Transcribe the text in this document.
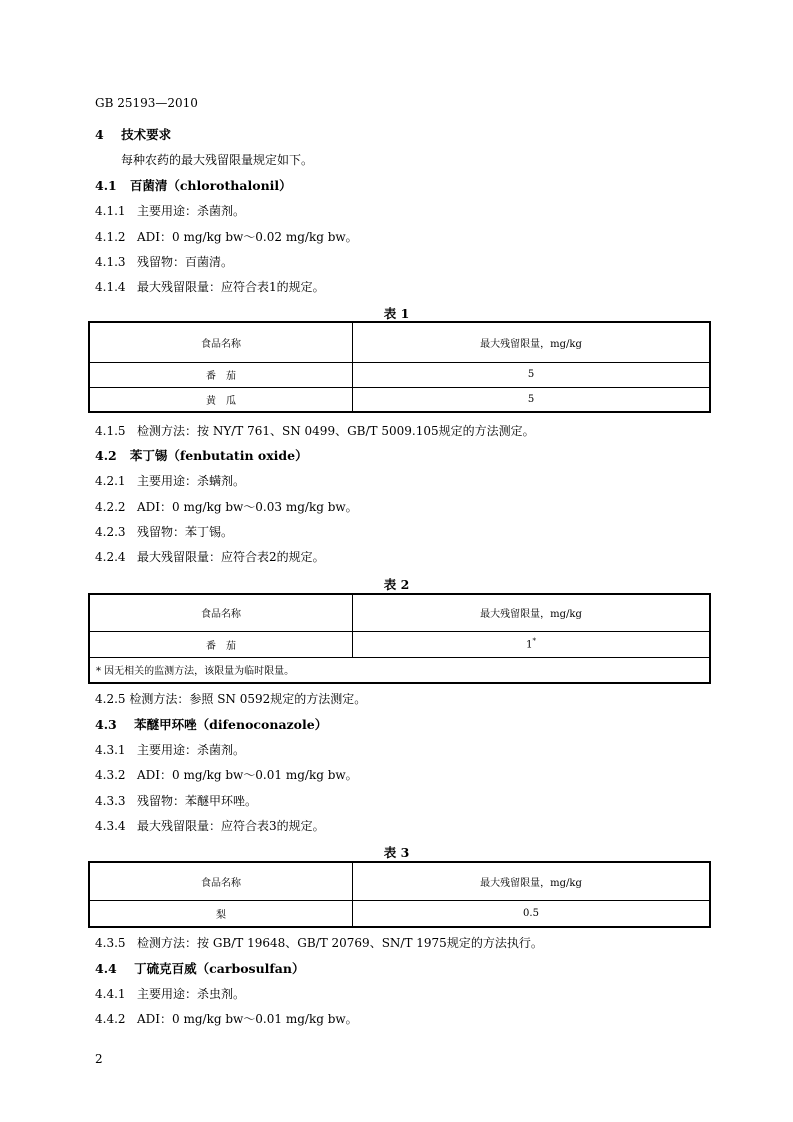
GB 25193—2010
4 技术要求
每种农药的最大残留限量规定如下。
4.1 百菌清（chlorothalonil）
4.1.1 主要用途：杀菌剂。
4.1.2 ADI：0 mg/kg bw～0.02 mg/kg bw。
4.1.3 残留物：百菌清。
4.1.4 最大残留限量：应符合表1的规定。
表 1
食品名称	最大残留限量，mg/kg
番　茄	5
黄　瓜	5
4.1.5 检测方法：按 NY/T 761、SN 0499、GB/T 5009.105规定的方法测定。
4.2 苯丁锡（fenbutatin oxide）
4.2.1 主要用途：杀螨剂。
4.2.2 ADI：0 mg/kg bw～0.03 mg/kg bw。
4.2.3 残留物：苯丁锡。
4.2.4 最大残留限量：应符合表2的规定。
表 2
食品名称	最大残留限量，mg/kg
番　茄	1*
* 因无相关的监测方法，该限量为临时限量。	
4.2.5 检测方法：参照 SN 0592规定的方法测定。
4.3 苯醚甲环唑（difenoconazole）
4.3.1 主要用途：杀菌剂。
4.3.2 ADI：0 mg/kg bw～0.01 mg/kg bw。
4.3.3 残留物：苯醚甲环唑。
4.3.4 最大残留限量：应符合表3的规定。
表 3
食品名称	最大残留限量，mg/kg
梨	0.5
4.3.5 检测方法：按 GB/T 19648、GB/T 20769、SN/T 1975规定的方法执行。
4.4 丁硫克百威（carbosulfan）
4.4.1 主要用途：杀虫剂。
4.4.2 ADI：0 mg/kg bw～0.01 mg/kg bw。
2
